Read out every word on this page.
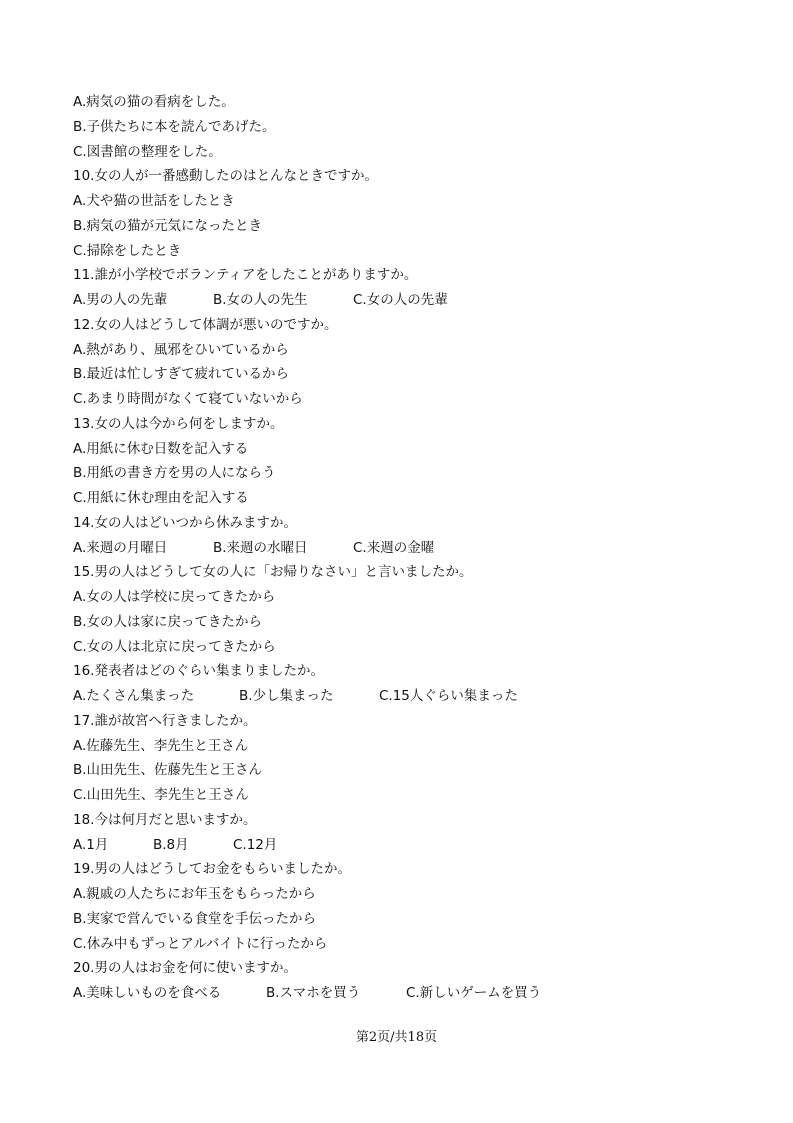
A.病気の猫の看病をした。
B.子供たちに本を読んであげた。
C.図書館の整理をした。
10.女の人が一番感動したのはとんなときですか。
A.犬や猫の世話をしたとき
B.病気の猫が元気になったとき
C.掃除をしたとき
11.誰が小学校でボランティアをしたことがありますか。
A.男の人の先輩	B.女の人の先生	C.女の人の先輩
12.女の人はどうして体調が悪いのですか。
A.熱があり、風邪をひいているから
B.最近は忙しすぎて疲れているから
C.あまり時間がなくて寝ていないから
13.女の人は今から何をしますか。
A.用紙に休む日数を記入する
B.用紙の書き方を男の人にならう
C.用紙に休む理由を記入する
14.女の人はどいつから休みますか。
A.来週の月曜日	B.来週の水曜日	C.来週の金曜
15.男の人はどうして女の人に「お帰りなさい」と言いましたか。
A.女の人は学校に戻ってきたから
B.女の人は家に戻ってきたから
C.女の人は北京に戻ってきたから
16.発表者はどのぐらい集まりましたか。
A.たくさん集まった	B.少し集まった	C.15人ぐらい集まった
17.誰が故宮へ行きましたか。
A.佐藤先生、李先生と王さん
B.山田先生、佐藤先生と王さん
C.山田先生、李先生と王さん
18.今は何月だと思いますか。
A.1月	B.8月	C.12月
19.男の人はどうしてお金をもらいましたか。
A.親戚の人たちにお年玉をもらったから
B.実家で営んでいる食堂を手伝ったから
C.休み中もずっとアルバイトに行ったから
20.男の人はお金を何に使いますか。
A.美味しいものを食べる	B.スマホを買う	C.新しいゲームを買う
第2页/共18页
